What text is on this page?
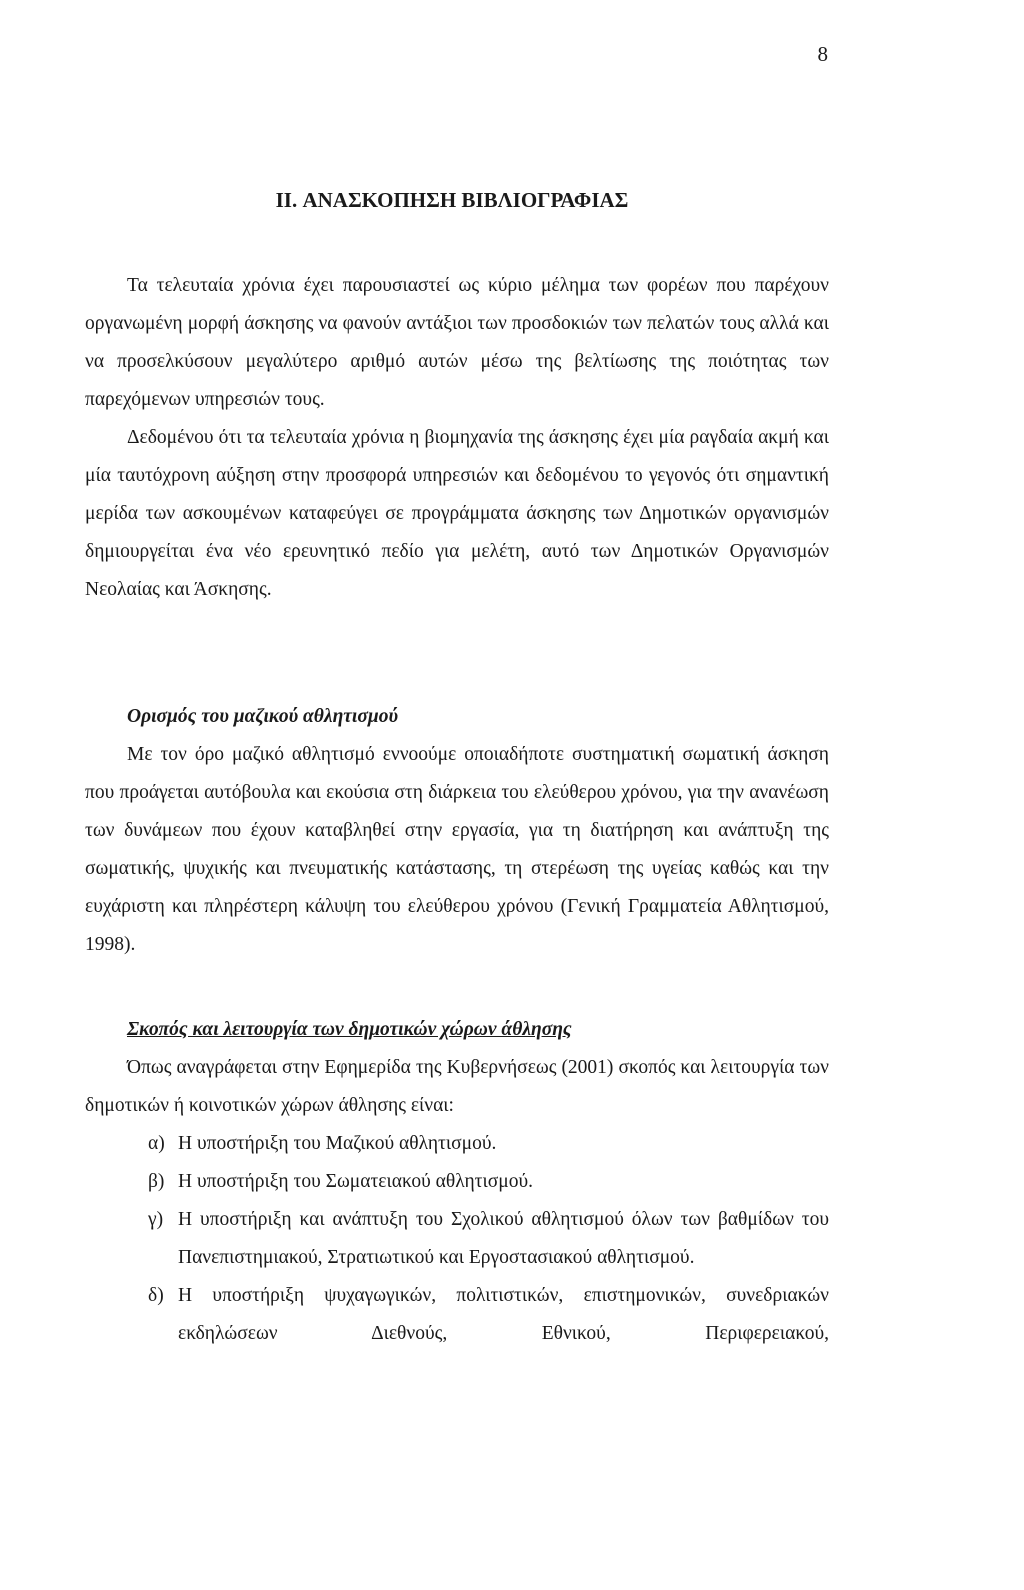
8
II. ΑΝΑΣΚΟΠΗΣΗ ΒΙΒΛΙΟΓΡΑΦΙΑΣ

Τα τελευταία χρόνια έχει παρουσιαστεί ως κύριο μέλημα των φορέων που παρέχουν οργανωμένη μορφή άσκησης να φανούν αντάξιοι των προσδοκιών των πελατών τους αλλά και να προσελκύσουν μεγαλύτερο αριθμό αυτών μέσω της βελτίωσης της ποιότητας των παρεχόμενων υπηρεσιών τους.

Δεδομένου ότι τα τελευταία χρόνια η βιομηχανία της άσκησης έχει μία ραγδαία ακμή και μία ταυτόχρονη αύξηση στην προσφορά υπηρεσιών και δεδομένου το γεγονός ότι σημαντική μερίδα των ασκουμένων καταφεύγει σε προγράμματα άσκησης των Δημοτικών οργανισμών δημιουργείται ένα νέο ερευνητικό πεδίο για μελέτη, αυτό των Δημοτικών Οργανισμών Νεολαίας και Άσκησης.

Ορισμός του μαζικού αθλητισμού

Με τον όρο μαζικό αθλητισμό εννοούμε οποιαδήποτε συστηματική σωματική άσκηση που προάγεται αυτόβουλα και εκούσια στη διάρκεια του ελεύθερου χρόνου, για την ανανέωση των δυνάμεων που έχουν καταβληθεί στην εργασία, για τη διατήρηση και ανάπτυξη της σωματικής, ψυχικής και πνευματικής κατάστασης, τη στερέωση της υγείας καθώς και την ευχάριστη και πληρέστερη κάλυψη του ελεύθερου χρόνου (Γενική Γραμματεία Αθλητισμού, 1998).

Σκοπός και λειτουργία των δημοτικών χώρων άθλησης

Όπως αναγράφεται στην Εφημερίδα της Κυβερνήσεως (2001) σκοπός και λειτουργία των δημοτικών ή κοινοτικών χώρων άθλησης είναι:

α) Η υποστήριξη του Μαζικού αθλητισμού.
β) Η υποστήριξη του Σωματειακού αθλητισμού.
γ) Η υποστήριξη και ανάπτυξη του Σχολικού αθλητισμού όλων των βαθμίδων του Πανεπιστημιακού, Στρατιωτικού και Εργοστασιακού αθλητισμού.
δ) Η υποστήριξη ψυχαγωγικών, πολιτιστικών, επιστημονικών, συνεδριακών εκδηλώσεων Διεθνούς, Εθνικού, Περιφερειακού,
